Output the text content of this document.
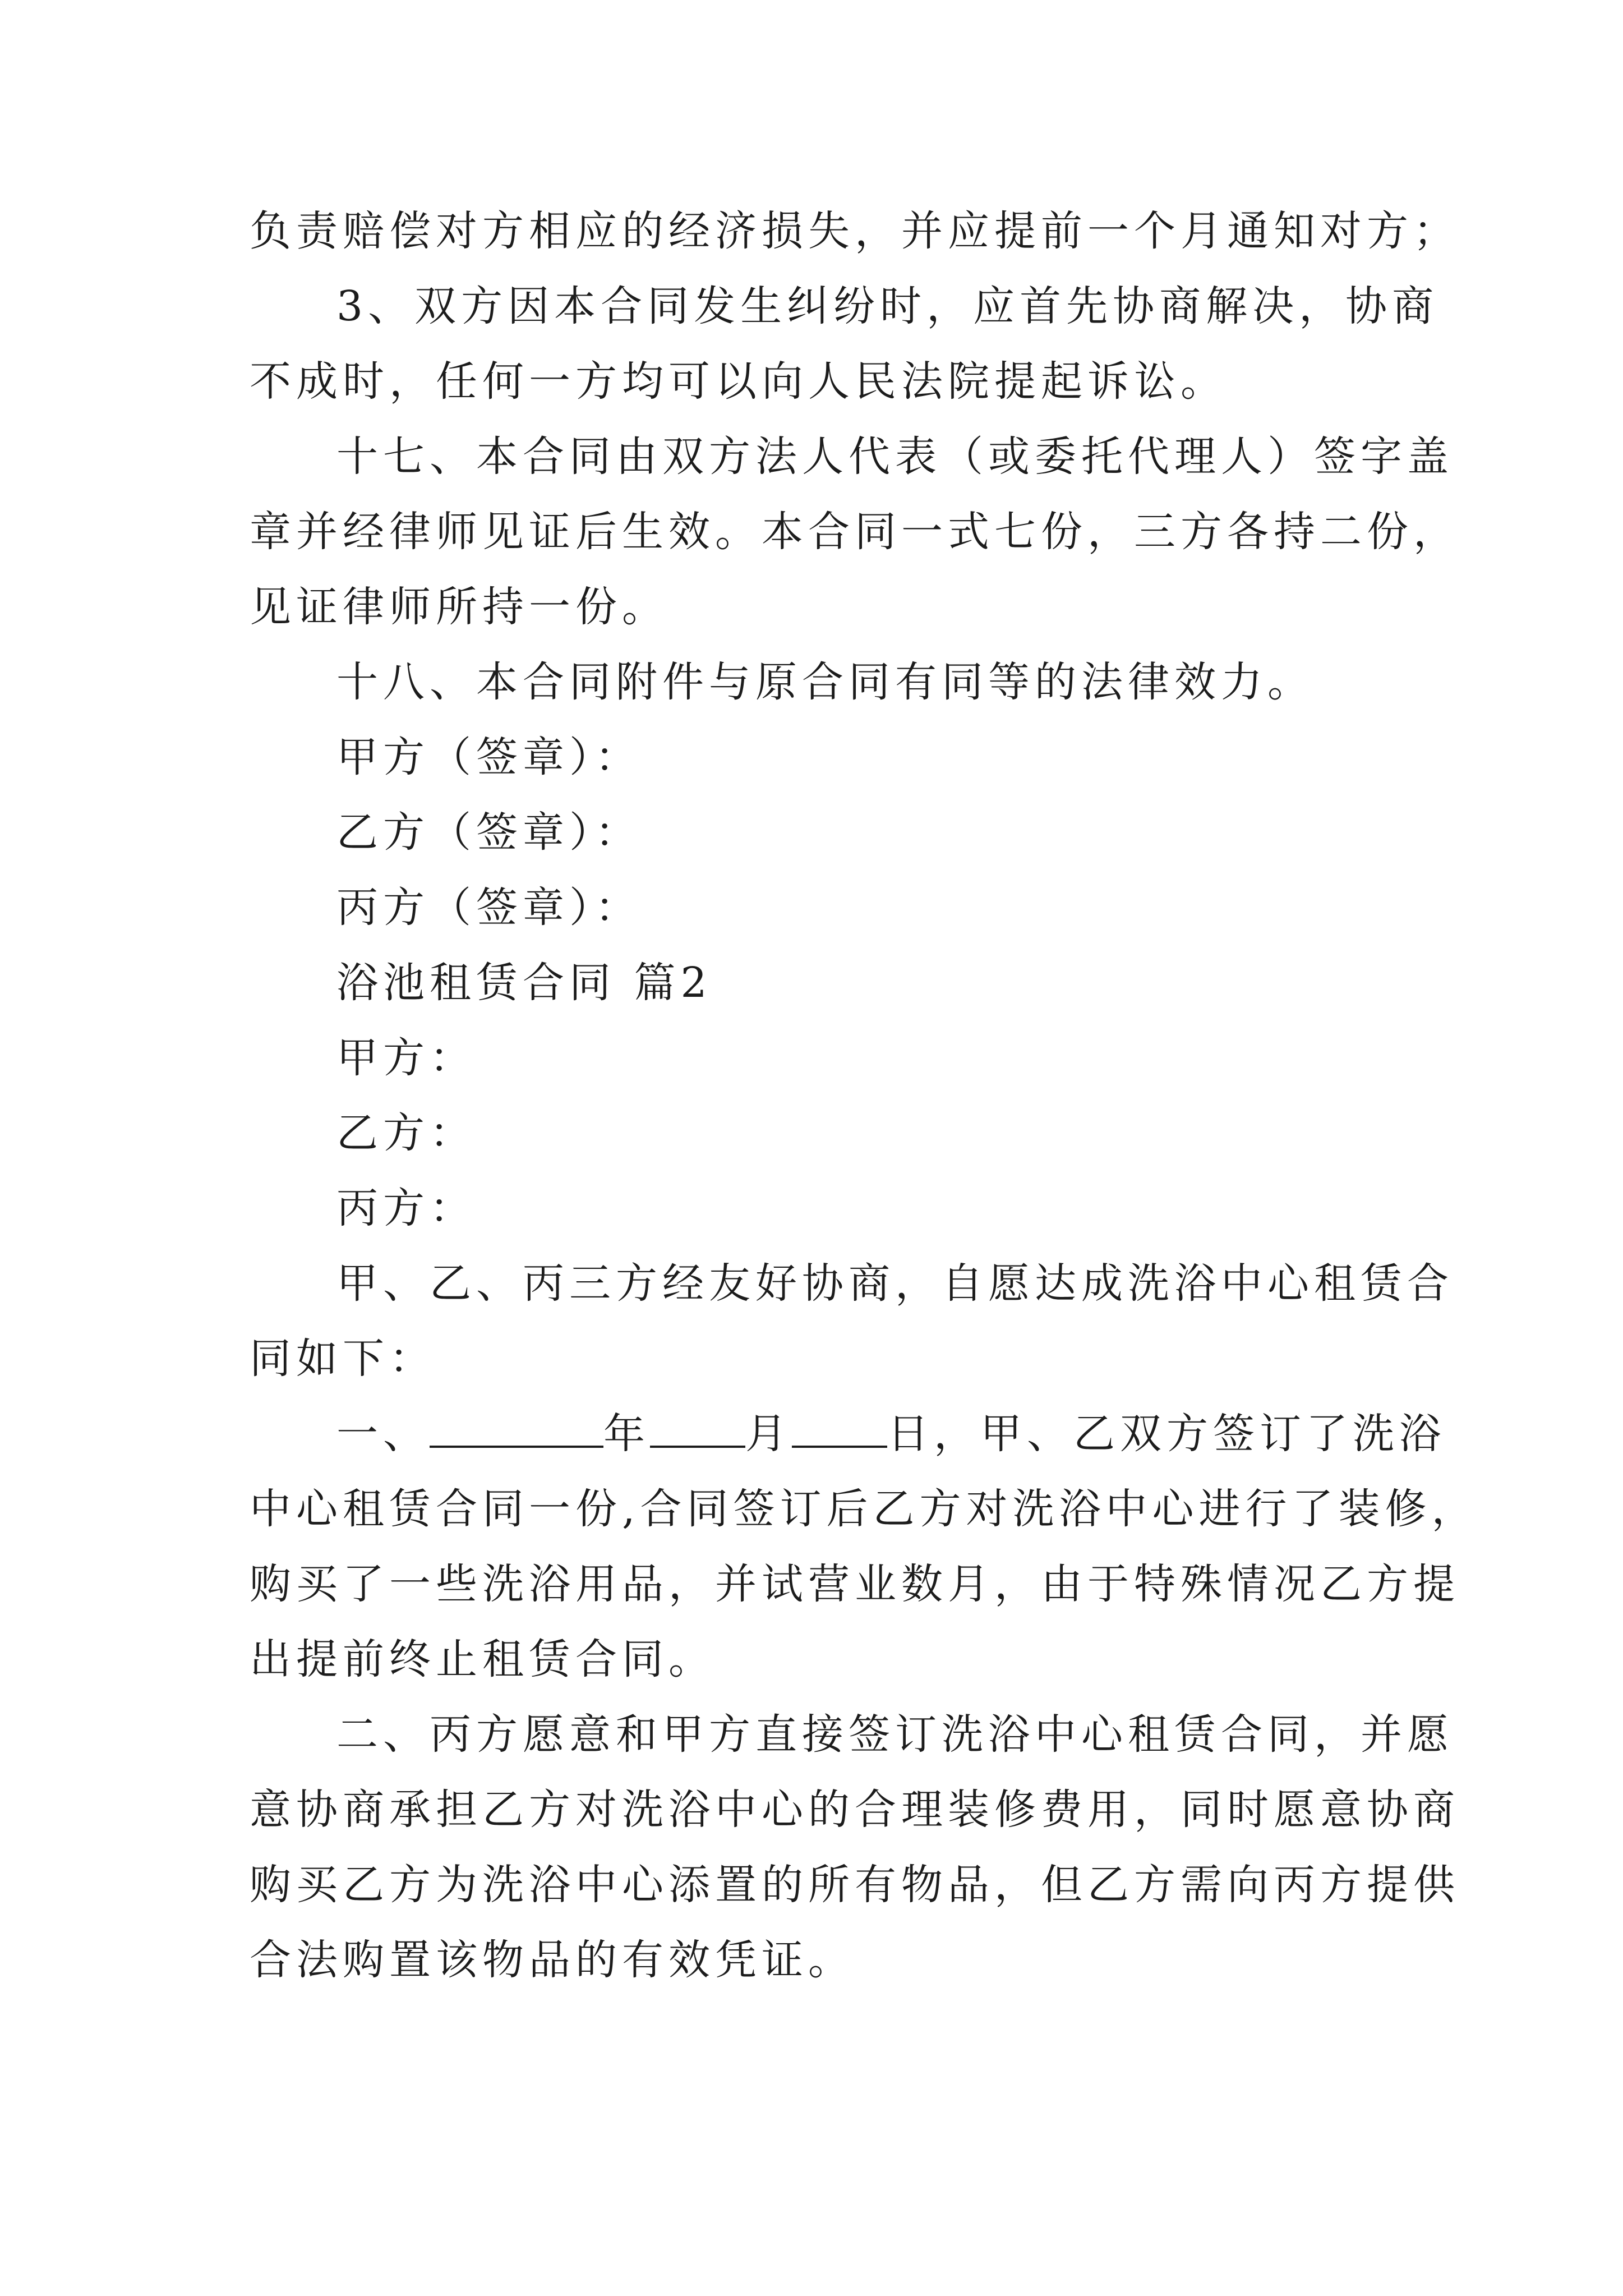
负责赔偿对方相应的经济损失，并应提前一个月通知对方；
3、双方因本合同发生纠纷时，应首先协商解决，协商
不成时，任何一方均可以向人民法院提起诉讼。
十七、本合同由双方法人代表（或委托代理人）签字盖
章并经律师见证后生效。本合同一式七份，三方各持二份，
见证律师所持一份。
十八、本合同附件与原合同有同等的法律效力。
甲方（签章）：
乙方（签章）：
丙方（签章）：
浴池租赁合同 篇2
甲方：
乙方：
丙方：
甲、乙、丙三方经友好协商，自愿达成洗浴中心租赁合
同如下：
一、	年 月 日，甲、乙双方签订了洗浴
中心租赁合同一份,合同签订后乙方对洗浴中心进行了装修，
购买了一些洗浴用品，并试营业数月，由于特殊情况乙方提
出提前终止租赁合同。
二、丙方愿意和甲方直接签订洗浴中心租赁合同，并愿
意协商承担乙方对洗浴中心的合理装修费用，同时愿意协商
购买乙方为洗浴中心添置的所有物品，但乙方需向丙方提供
合法购置该物品的有效凭证。
